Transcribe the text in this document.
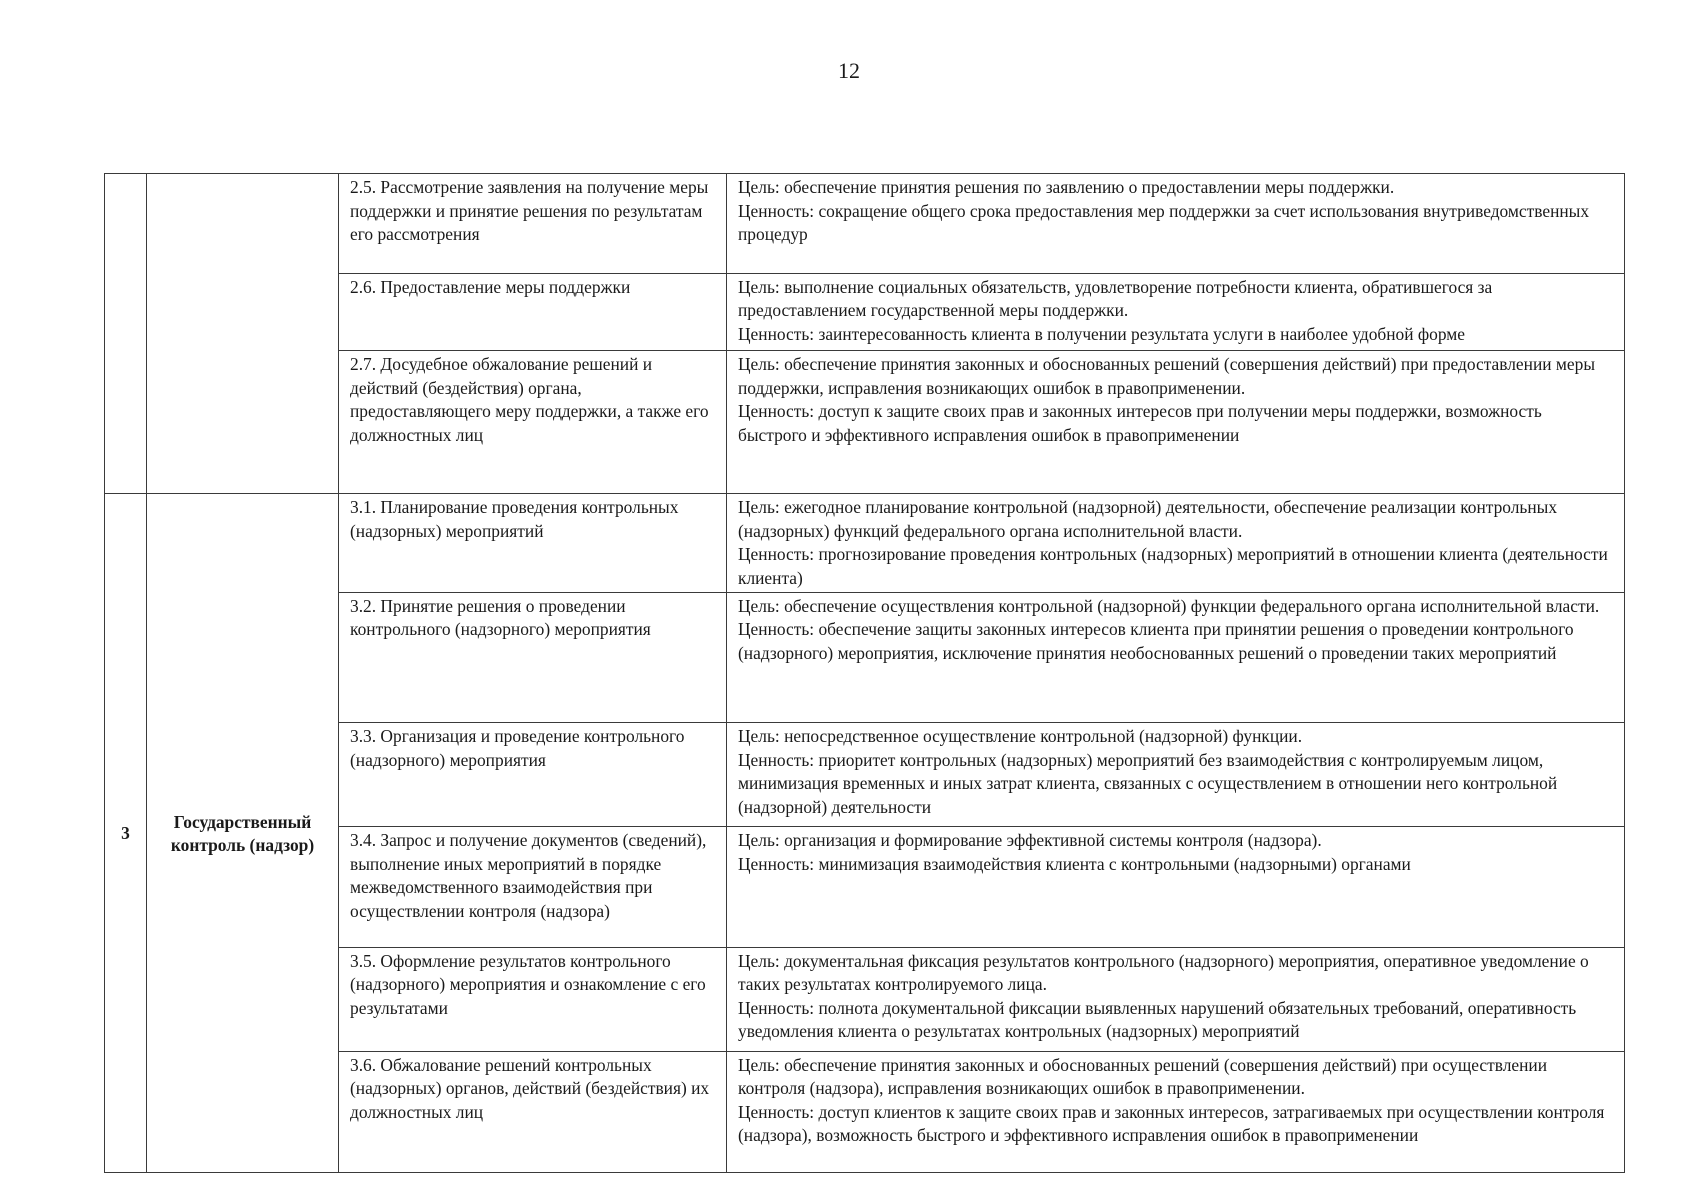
12
		2.5. Рассмотрение заявления на получение меры поддержки и принятие решения по результатам его рассмотрения	Цель: обеспечение принятия решения по заявлению о предоставлении меры поддержки.
Ценность: сокращение общего срока предоставления мер поддержки за счет использования внутриведомственных процедур

		2.6. Предоставление меры поддержки	Цель: выполнение социальных обязательств, удовлетворение потребности клиента, обратившегося за предоставлением государственной меры поддержки.
Ценность: заинтересованность клиента в получении результата услуги в наиболее удобной форме

		2.7. Досудебное обжалование решений и действий (бездействия) органа, предоставляющего меру поддержки, а также его должностных лиц	Цель: обеспечение принятия законных и обоснованных решений (совершения действий) при предоставлении меры поддержки, исправления возникающих ошибок в правоприменении.
Ценность: доступ к защите своих прав и законных интересов при получении меры поддержки, возможность быстрого и эффективного исправления ошибок в правоприменении

3	Государственный контроль (надзор)	3.1. Планирование проведения контрольных (надзорных) мероприятий	Цель: ежегодное планирование контрольной (надзорной) деятельности, обеспечение реализации контрольных (надзорных) функций федерального органа исполнительной власти.
Ценность: прогнозирование проведения контрольных (надзорных) мероприятий в отношении клиента (деятельности клиента)

		3.2. Принятие решения о проведении контрольного (надзорного) мероприятия	Цель: обеспечение осуществления контрольной (надзорной) функции федерального органа исполнительной власти.
Ценность: обеспечение защиты законных интересов клиента при принятии решения о проведении контрольного (надзорного) мероприятия, исключение принятия необоснованных решений о проведении таких мероприятий

		3.3. Организация и проведение контрольного (надзорного) мероприятия	Цель: непосредственное осуществление контрольной (надзорной) функции.
Ценность: приоритет контрольных (надзорных) мероприятий без взаимодействия с контролируемым лицом, минимизация временных и иных затрат клиента, связанных с осуществлением в отношении него контрольной (надзорной) деятельности

		3.4. Запрос и получение документов (сведений), выполнение иных мероприятий в порядке межведомственного взаимодействия при осуществлении контроля (надзора)	Цель: организация и формирование эффективной системы контроля (надзора).
Ценность: минимизация взаимодействия клиента с контрольными (надзорными) органами

		3.5. Оформление результатов контрольного (надзорного) мероприятия и ознакомление с его результатами	Цель: документальная фиксация результатов контрольного (надзорного) мероприятия, оперативное уведомление о таких результатах контролируемого лица.
Ценность: полнота документальной фиксации выявленных нарушений обязательных требований, оперативность уведомления клиента о результатах контрольных (надзорных) мероприятий

		3.6. Обжалование решений контрольных (надзорных) органов, действий (бездействия) их должностных лиц	Цель: обеспечение принятия законных и обоснованных решений (совершения действий) при осуществлении контроля (надзора), исправления возникающих ошибок в правоприменении.
Ценность: доступ клиентов к защите своих прав и законных интересов, затрагиваемых при осуществлении контроля (надзора), возможность быстрого и эффективного исправления ошибок в правоприменении
